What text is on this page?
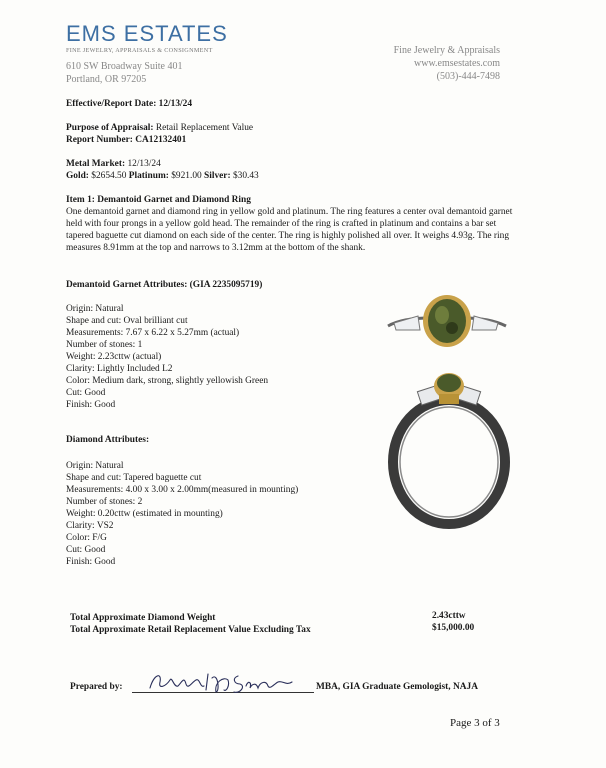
EMS ESTATES
FINE JEWELRY, APPRAISALS & CONSIGNMENT
610 SW Broadway Suite 401
Portland, OR 97205
Fine Jewelry & Appraisals
www.emsestates.com
(503)-444-7498
Effective/Report Date: 12/13/24
Purpose of Appraisal: Retail Replacement Value
Report Number: CA12132401
Metal Market: 12/13/24
Gold: $2654.50 Platinum: $921.00 Silver: $30.43
Item 1: Demantoid Garnet and Diamond Ring
One demantoid garnet and diamond ring in yellow gold and platinum. The ring features a center oval demantoid garnet held with four prongs in a yellow gold head. The remainder of the ring is crafted in platinum and contains a bar set tapered baguette cut diamond on each side of the center. The ring is highly polished all over. It weighs 4.93g. The ring measures 8.91mm at the top and narrows to 3.12mm at the bottom of the shank.
Demantoid Garnet Attributes: (GIA 2235095719)
Origin: Natural
Shape and cut: Oval brilliant cut
Measurements: 7.67 x 6.22 x 5.27mm (actual)
Number of stones: 1
Weight: 2.23cttw (actual)
Clarity: Lightly Included L2
Color: Medium dark, strong, slightly yellowish Green
Cut: Good
Finish: Good
Diamond Attributes:
Origin: Natural
Shape and cut: Tapered baguette cut
Measurements: 4.00 x 3.00 x 2.00mm(measured in mounting)
Number of stones: 2
Weight: 0.20cttw (estimated in mounting)
Clarity: VS2
Color: F/G
Cut: Good
Finish: Good
Total Approximate Diamond Weight
Total Approximate Retail Replacement Value Excluding Tax
2.43cttw
$15,000.00
Prepared by:	MBA, GIA Graduate Gemologist, NAJA
Page 3 of 3
